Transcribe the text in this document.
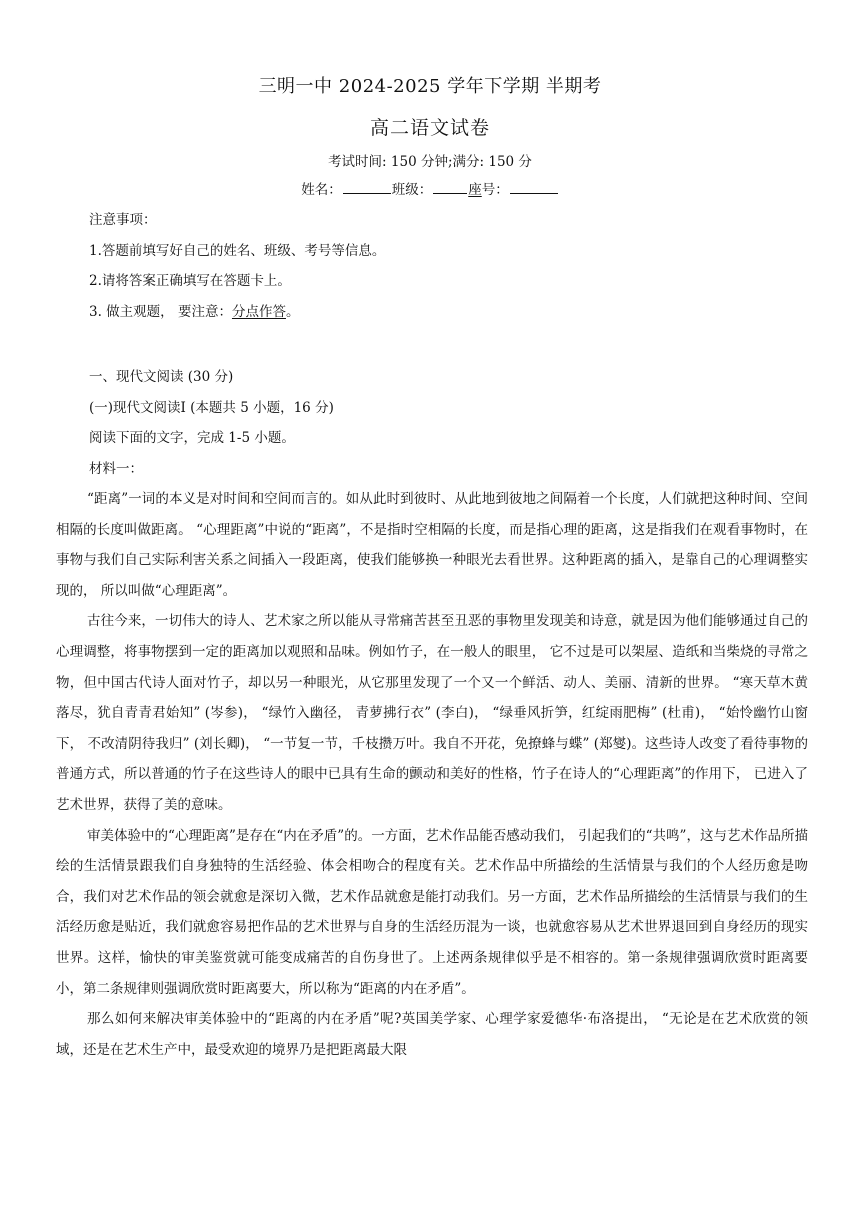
三明一中 2024-2025 学年下学期 半期考
高二语文试卷
考试时间: 150 分钟;满分: 150 分
姓名：	班级：	座号：
注意事项：
1.答题前填写好自己的姓名、班级、考号等信息。
2.请将答案正确填写在答题卡上。
3. 做主观题， 要注意：分点作答。
一、现代文阅读 (30 分)
(一)现代文阅读Ⅰ (本题共 5 小题，16 分)
阅读下面的文字，完成 1-5 小题。
材料一：

“距离”一词的本义是对时间和空间而言的。如从此时到彼时、从此地到彼地之间隔着一个长度，人们就把这种时间、空间相隔的长度叫做距离。 “心理距离”中说的“距离”，不是指时空相隔的长度，而是指心理的距离，这是指我们在观看事物时，在事物与我们自己实际利害关系之间插入一段距离，使我们能够换一种眼光去看世界。这种距离的插入，是靠自己的心理调整实现的， 所以叫做“心理距离”。

古往今来，一切伟大的诗人、艺术家之所以能从寻常痛苦甚至丑恶的事物里发现美和诗意，就是因为他们能够通过自己的心理调整，将事物摆到一定的距离加以观照和品味。例如竹子，在一般人的眼里， 它不过是可以架屋、造纸和当柴烧的寻常之物，但中国古代诗人面对竹子，却以另一种眼光，从它那里发现了一个又一个鲜活、动人、美丽、清新的世界。 “寒天草木黄落尽，犹自青青君始知” (岑参)， “绿竹入幽径， 青萝拂行衣” (李白)， “绿垂风折笋，红绽雨肥梅” (杜甫)， “始怜幽竹山窗下， 不改清阴待我归” (刘长卿)， “一节复一节，千枝攒万叶。我自不开花，免撩蜂与蝶” (郑燮)。这些诗人改变了看待事物的普通方式，所以普通的竹子在这些诗人的眼中已具有生命的颤动和美好的性格，竹子在诗人的“心理距离”的作用下， 已进入了艺术世界，获得了美的意味。

审美体验中的“心理距离”是存在“内在矛盾”的。一方面，艺术作品能否感动我们， 引起我们的“共鸣”，这与艺术作品所描绘的生活情景跟我们自身独特的生活经验、体会相吻合的程度有关。艺术作品中所描绘的生活情景与我们的个人经历愈是吻合，我们对艺术作品的领会就愈是深切入微，艺术作品就愈是能打动我们。另一方面，艺术作品所描绘的生活情景与我们的生活经历愈是贴近，我们就愈容易把作品的艺术世界与自身的生活经历混为一谈，也就愈容易从艺术世界退回到自身经历的现实世界。这样，愉快的审美鉴赏就可能变成痛苦的自伤身世了。上述两条规律似乎是不相容的。第一条规律强调欣赏时距离要小，第二条规律则强调欣赏时距离要大，所以称为“距离的内在矛盾”。

那么如何来解决审美体验中的“距离的内在矛盾”呢?英国美学家、心理学家爱德华·布洛提出， “无论是在艺术欣赏的领域，还是在艺术生产中，最受欢迎的境界乃是把距离最大限
